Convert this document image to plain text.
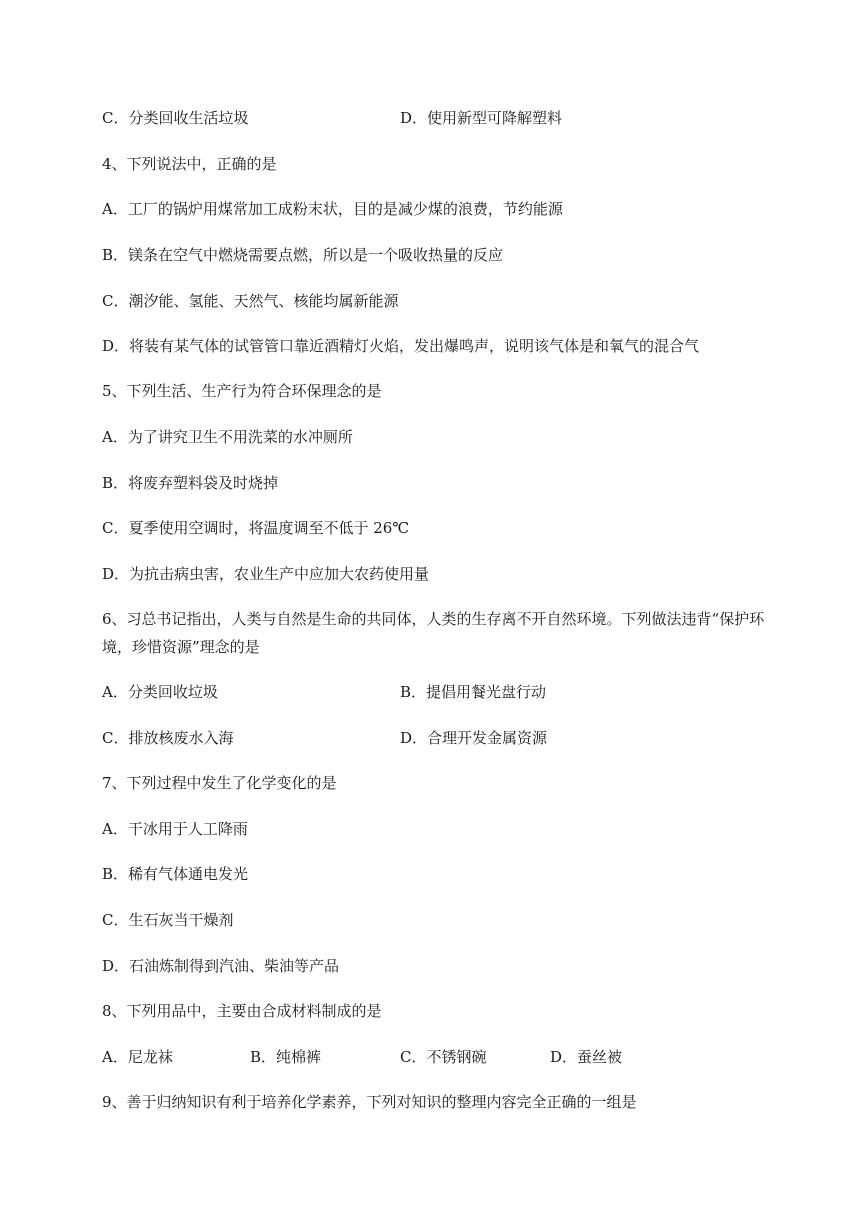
C．分类回收生活垃圾	D．使用新型可降解塑料
4、下列说法中，正确的是
A．工厂的锅炉用煤常加工成粉末状，目的是减少煤的浪费，节约能源
B．镁条在空气中燃烧需要点燃，所以是一个吸收热量的反应
C．潮汐能、氢能、天然气、核能均属新能源
D．将装有某气体的试管管口靠近酒精灯火焰，发出爆鸣声，说明该气体是和氧气的混合气
5、下列生活、生产行为符合环保理念的是
A．为了讲究卫生不用洗菜的水冲厕所
B．将废弃塑料袋及时烧掉
C．夏季使用空调时，将温度调至不低于 26℃
D．为抗击病虫害，农业生产中应加大农药使用量
6、习总书记指出，人类与自然是生命的共同体，人类的生存离不开自然环境。下列做法违背“保护环
境，珍惜资源”理念的是
A．分类回收垃圾	B．提倡用餐光盘行动
C．排放核废水入海	D．合理开发金属资源
7、下列过程中发生了化学变化的是
A．干冰用于人工降雨
B．稀有气体通电发光
C．生石灰当干燥剂
D．石油炼制得到汽油、柴油等产品
8、下列用品中，主要由合成材料制成的是
A．尼龙袜	B．纯棉裤	C．不锈钢碗	D．蚕丝被
9、善于归纳知识有利于培养化学素养，下列对知识的整理内容完全正确的一组是
